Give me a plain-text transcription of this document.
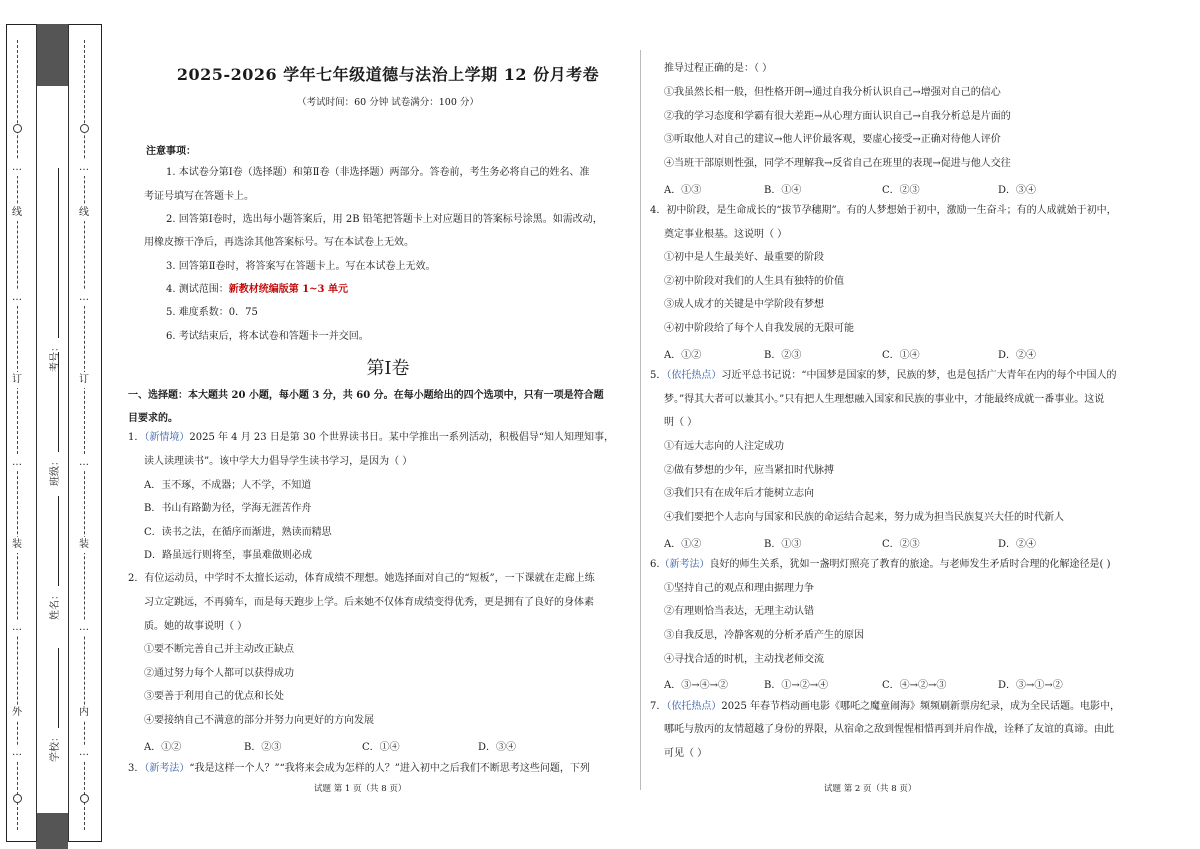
…
外
…
装
…
订
…
线
…
…
内
…
装
…
订
…
线
…
学校：
姓名：
班级：
考号：
2025-2026 学年七年级道德与法治上学期 12 份月考卷
（考试时间：60 分钟 试卷满分：100 分）
注意事项：
1. 本试卷分第Ⅰ卷（选择题）和第Ⅱ卷（非选择题）两部分。答卷前，考生务必将自己的姓名、准
考证号填写在答题卡上。
2. 回答第Ⅰ卷时，选出每小题答案后，用 2B 铅笔把答题卡上对应题目的答案标号涂黑。如需改动，
用橡皮擦干净后，再选涂其他答案标号。写在本试卷上无效。
3. 回答第Ⅱ卷时，将答案写在答题卡上。写在本试卷上无效。
4. 测试范围：新教材统编版第 1~3 单元
5. 难度系数：0．75
6. 考试结束后，将本试卷和答题卡一并交回。
第Ⅰ卷
一、选择题：本大题共 20 小题，每小题 3 分，共 60 分。在每小题给出的四个选项中，只有一项是符合题
目要求的。
1．（新情境）2025 年 4 月 23 日是第 30 个世界读书日。某中学推出一系列活动，积极倡导“知人知理知事，
读人读理读书”。该中学大力倡导学生读书学习，是因为（ ）
A．玉不琢，不成器；人不学，不知道
B．书山有路勤为径，学海无涯苦作舟
C．读书之法，在循序而渐进，熟读而精思
D．路虽远行则将至，事虽难做则必成
2．有位运动员，中学时不太擅长运动，体育成绩不理想。她选择面对自己的“短板”，一下课就在走廊上练
习立定跳远，不再骑车，而是每天跑步上学。后来她不仅体育成绩变得优秀，更是拥有了良好的身体素
质。她的故事说明（ ）
①要不断完善自己并主动改正缺点
②通过努力每个人都可以获得成功
③要善于利用自己的优点和长处
④要接纳自己不满意的部分并努力向更好的方向发展
A．①②	B．②③	C．①④	D．③④
3．（新考法）“我是这样一个人？”“我将来会成为怎样的人？”进入初中之后我们不断思考这些问题，下列
试题 第 1 页（共 8 页）
推导过程正确的是：（ ）
①我虽然长相一般，但性格开朗→通过自我分析认识自己→增强对自己的信心
②我的学习态度和学霸有很大差距→从心理方面认识自己→自我分析总是片面的
③听取他人对自己的建议→他人评价最客观，要虚心接受→正确对待他人评价
④当班干部原则性强，同学不理解我→反省自己在班里的表现→促进与他人交往
A．①③	B．①④	C．②③	D．③④
4．初中阶段，是生命成长的“拔节孕穗期”。有的人梦想始于初中，激励一生奋斗；有的人成就始于初中，
奠定事业根基。这说明（ ）
①初中是人生最美好、最重要的阶段
②初中阶段对我们的人生具有独特的价值
③成人成才的关键是中学阶段有梦想
④初中阶段给了每个人自我发展的无限可能
A．①②	B．②③	C．①④	D．②④
5．（依托热点）习近平总书记说：“中国梦是国家的梦，民族的梦，也是包括广大青年在内的每个中国人的
梦。”得其大者可以兼其小。”只有把人生理想融入国家和民族的事业中，才能最终成就一番事业。这说
明（ ）
①有远大志向的人注定成功
②做有梦想的少年，应当紧扣时代脉搏
③我们只有在成年后才能树立志向
④我们要把个人志向与国家和民族的命运结合起来，努力成为担当民族复兴大任的时代新人
A．①②	B．①③	C．②③	D．②④
6.（新考法）良好的师生关系，犹如一盏明灯照亮了教育的旅途。与老师发生矛盾时合理的化解途径是( )
①坚持自己的观点和理由据理力争
②有理则恰当表达，无理主动认错
③自我反思，冷静客观的分析矛盾产生的原因
④寻找合适的时机，主动找老师交流
A．③→④→②	B．①→②→④	C．④→②→③	D．③→①→②
7．（依托热点）2025 年春节档动画电影《哪吒之魔童闹海》频频刷新票房纪录，成为全民话题。电影中，
哪吒与敖丙的友情超越了身份的界限，从宿命之敌到惺惺相惜再到并肩作战，诠释了友谊的真谛。由此
可见（ ）
试题 第 2 页（共 8 页）
